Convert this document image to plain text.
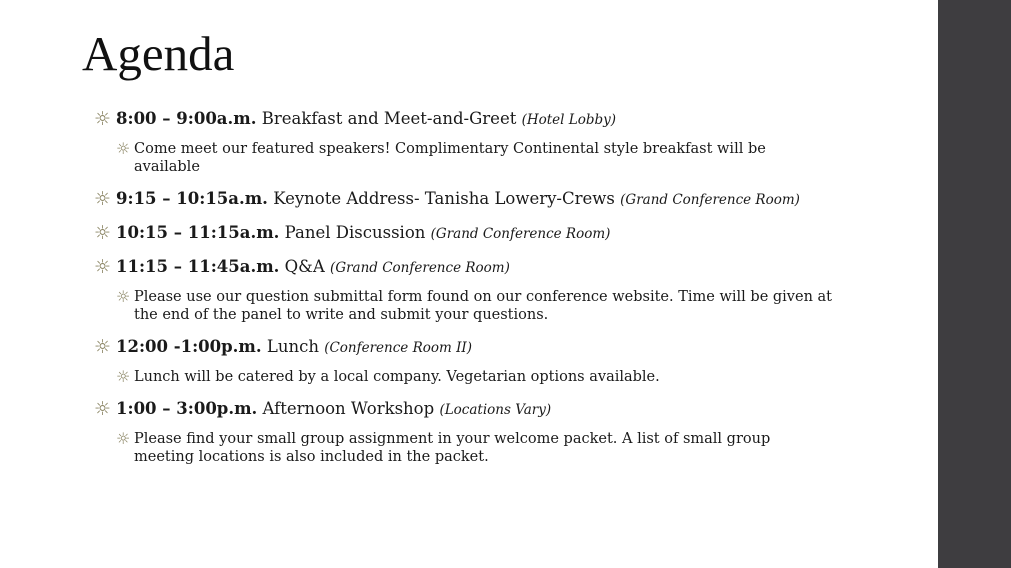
Agenda
☼ 8:00 – 9:00a.m. Breakfast and Meet-and-Greet (Hotel Lobby)
☼ Come meet our featured speakers! Complimentary Continental style breakfast will be available
☼ 9:15 – 10:15a.m. Keynote Address- Tanisha Lowery-Crews (Grand Conference Room)
☼ 10:15 – 11:15a.m. Panel Discussion (Grand Conference Room)
☼ 11:15 – 11:45a.m. Q&A (Grand Conference Room)
☼ Please use our question submittal form found on our conference website. Time will be given at the end of the panel to write and submit your questions.
☼ 12:00 -1:00p.m. Lunch (Conference Room II)
☼ Lunch will be catered by a local company. Vegetarian options available.
☼ 1:00 – 3:00p.m. Afternoon Workshop (Locations Vary)
☼ Please find your small group assignment in your welcome packet. A list of small group meeting locations is also included in the packet.
